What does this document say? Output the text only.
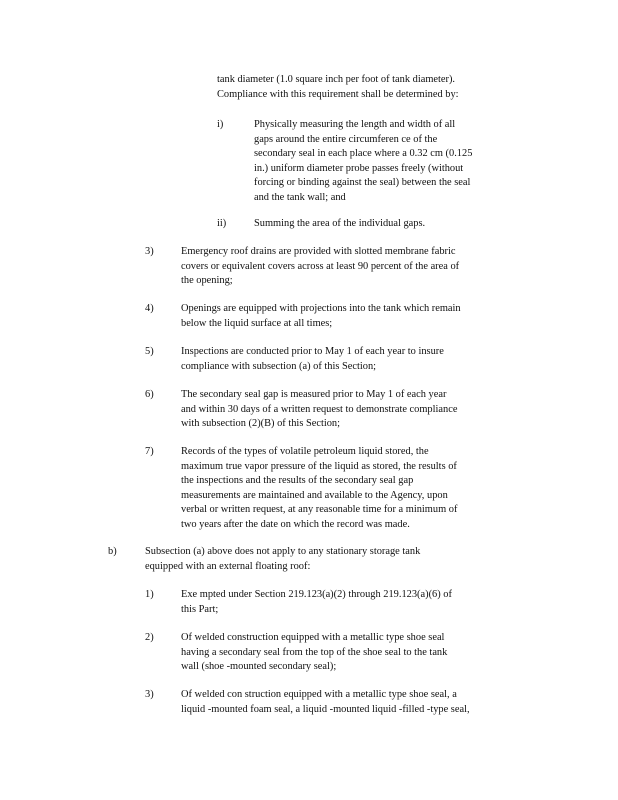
tank diameter (1.0 square inch per foot of tank diameter).

Compliance with this requirement shall be determined by:

i)	Physically measuring the length and width of all

gaps around the entire circumferen ce of the

secondary seal in each place where a 0.32 cm (0.125

in.) uniform diameter probe passes freely (without

forcing or binding against the seal) between the seal

and the tank wall; and

ii)	Summing the area of the individual gaps.

3)	Emergency roof drains are provided with slotted membrane fabric

covers or equivalent covers across at least 90 percent of the area of

the opening;

4)	Openings are equipped with projections into the tank which remain

below the liquid surface at all times;

5)	Inspections are conducted prior to May 1 of each year to insure

compliance with subsection (a) of this Section;

6)	The secondary seal gap is measured prior to May 1 of each year

and within 30 days of a written request to demonstrate compliance

with subsection (2)(B) of this Section;

7)	Records of the types of volatile petroleum liquid stored, the

maximum true vapor pressure of the liquid as stored, the results of

the inspections and the results of the secondary seal gap

measurements are maintained and available to the Agency, upon

verbal or written request, at any reasonable time for a minimum of

two years after the date on which the record was made.

b)	Subsection (a) above does not apply to any stationary storage tank

equipped with an external floating roof:

1)	Exe mpted under Section 219.123(a)(2) through 219.123(a)(6) of

this Part;

2)	Of welded construction equipped with a metallic type shoe seal

having a secondary seal from the top of the shoe seal to the tank

wall (shoe -mounted secondary seal);

3)	Of welded con struction equipped with a metallic type shoe seal, a

liquid -mounted foam seal, a liquid -mounted liquid -filled -type seal,
